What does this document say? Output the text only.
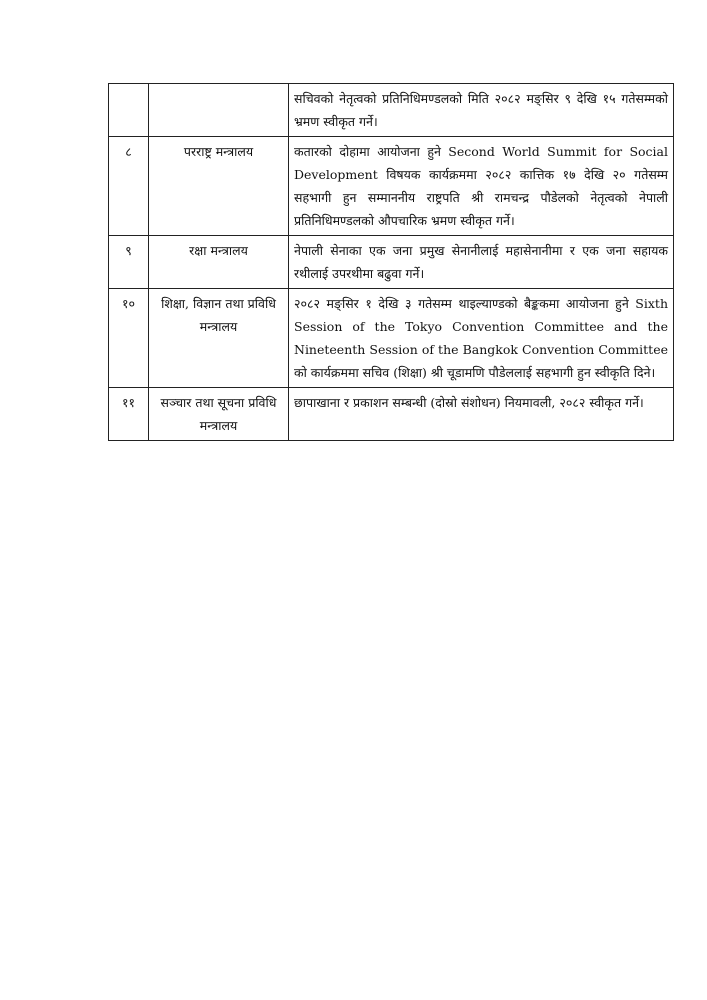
		सचिवको नेतृत्वको प्रतिनिधिमण्डलको मिति २०८२ मङ्सिर ९ देखि १५ गतेसम्मको भ्रमण स्वीकृत गर्ने।
८	परराष्ट्र मन्त्रालय	कतारको दोहामा आयोजना हुने Second World Summit for Social Development विषयक कार्यक्रममा २०८२ कात्तिक १७ देखि २० गतेसम्म सहभागी हुन सम्माननीय राष्ट्रपति श्री रामचन्द्र पौडेलको नेतृत्वको नेपाली प्रतिनिधिमण्डलको औपचारिक भ्रमण स्वीकृत गर्ने।
९	रक्षा मन्त्रालय	नेपाली सेनाका एक जना प्रमुख सेनानीलाई महासेनानीमा र एक जना सहायक रथीलाई उपरथीमा बढुवा गर्ने।
१०	शिक्षा, विज्ञान तथा प्रविधि मन्त्रालय	२०८२ मङ्सिर १ देखि ३ गतेसम्म थाइल्याण्डको बैङ्ककमा आयोजना हुने Sixth Session of the Tokyo Convention Committee and the Nineteenth Session of the Bangkok Convention Committee को कार्यक्रममा सचिव (शिक्षा) श्री चूडामणि पौडेललाई सहभागी हुन स्वीकृति दिने।
११	सञ्चार तथा सूचना प्रविधि मन्त्रालय	छापाखाना र प्रकाशन सम्बन्धी (दोस्रो संशोधन) नियमावली, २०८२ स्वीकृत गर्ने।
